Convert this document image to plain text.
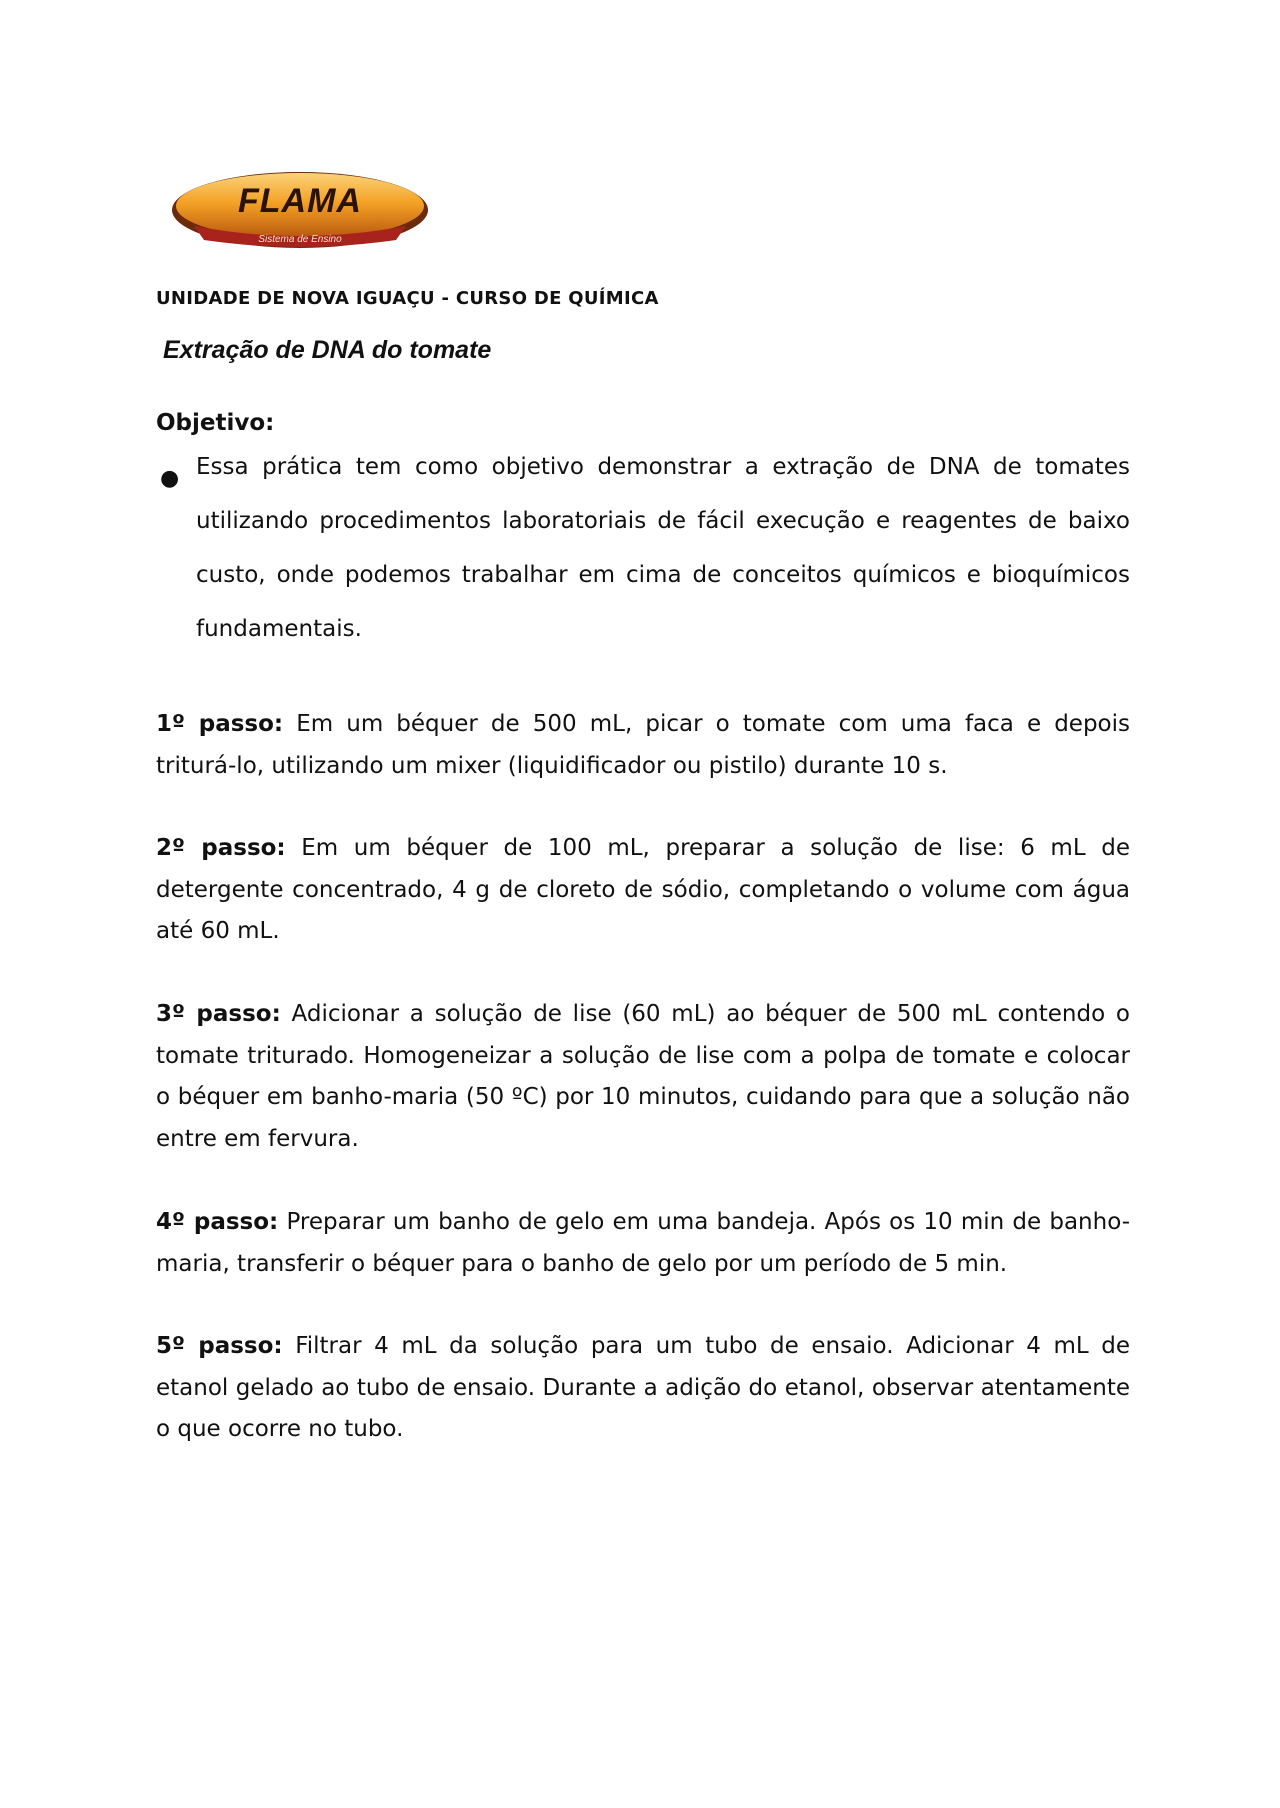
FLAMA
Sistema de Ensino
UNIDADE DE NOVA IGUAÇU - CURSO DE QUÍMICA
Extração de DNA do tomate
Objetivo:
● Essa prática tem como objetivo demonstrar a extração de DNA de tomates utilizando procedimentos laboratoriais de fácil execução e reagentes de baixo custo, onde podemos trabalhar em cima de conceitos químicos e bioquímicos fundamentais.
1º passo: Em um béquer de 500 mL, picar o tomate com uma faca e depois triturá-lo, utilizando um mixer (liquidificador ou pistilo) durante 10 s.
2º passo: Em um béquer de 100 mL, preparar a solução de lise: 6 mL de detergente concentrado, 4 g de cloreto de sódio, completando o volume com água até 60 mL.
3º passo: Adicionar a solução de lise (60 mL) ao béquer de 500 mL contendo o tomate triturado. Homogeneizar a solução de lise com a polpa de tomate e colocar o béquer em banho-maria (50 ºC) por 10 minutos, cuidando para que a solução não entre em fervura.
4º passo: Preparar um banho de gelo em uma bandeja. Após os 10 min de banho-maria, transferir o béquer para o banho de gelo por um período de 5 min.
5º passo: Filtrar 4 mL da solução para um tubo de ensaio. Adicionar 4 mL de etanol gelado ao tubo de ensaio. Durante a adição do etanol, observar atentamente o que ocorre no tubo.
